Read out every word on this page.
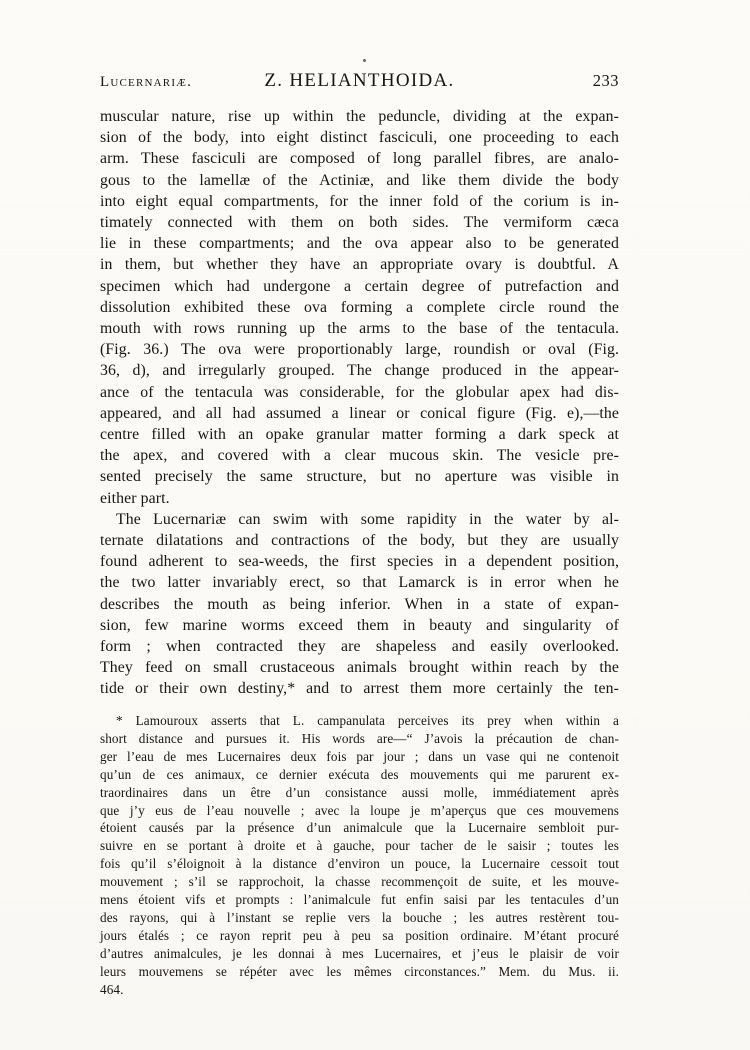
Lucernariæ.	Z. HELIANTHOIDA.	233
muscular nature, rise up within the peduncle, dividing at the expan-
sion of the body, into eight distinct fasciculi, one proceeding to each
arm. These fasciculi are composed of long parallel fibres, are analo-
gous to the lamellæ of the Actiniæ, and like them divide the body
into eight equal compartments, for the inner fold of the corium is in-
timately connected with them on both sides. The vermiform cæca
lie in these compartments; and the ova appear also to be generated
in them, but whether they have an appropriate ovary is doubtful. A
specimen which had undergone a certain degree of putrefaction and
dissolution exhibited these ova forming a complete circle round the
mouth with rows running up the arms to the base of the tentacula.
(Fig. 36.) The ova were proportionably large, roundish or oval (Fig.
36, d), and irregularly grouped. The change produced in the appear-
ance of the tentacula was considerable, for the globular apex had dis-
appeared, and all had assumed a linear or conical figure (Fig. e),—the
centre filled with an opake granular matter forming a dark speck at
the apex, and covered with a clear mucous skin. The vesicle pre-
sented precisely the same structure, but no aperture was visible in
either part.
The Lucernariæ can swim with some rapidity in the water by al-
ternate dilatations and contractions of the body, but they are usually
found adherent to sea-weeds, the first species in a dependent position,
the two latter invariably erect, so that Lamarck is in error when he
describes the mouth as being inferior. When in a state of expan-
sion, few marine worms exceed them in beauty and singularity of
form ; when contracted they are shapeless and easily overlooked.
They feed on small crustaceous animals brought within reach by the
tide or their own destiny,* and to arrest them more certainly the ten-
* Lamouroux asserts that L. campanulata perceives its prey when within a
short distance and pursues it. His words are—“ J’avois la précaution de chan-
ger l’eau de mes Lucernaires deux fois par jour ; dans un vase qui ne contenoit
qu’un de ces animaux, ce dernier exécuta des mouvements qui me parurent ex-
traordinaires dans un être d’un consistance aussi molle, immédiatement après
que j’y eus de l’eau nouvelle ; avec la loupe je m’aperçus que ces mouvemens
étoient causés par la présence d’un animalcule que la Lucernaire sembloit pur-
suivre en se portant à droite et à gauche, pour tacher de le saisir ; toutes les
fois qu’il s’éloignoit à la distance d’environ un pouce, la Lucernaire cessoit tout
mouvement ; s’il se rapprochoit, la chasse recommençoit de suite, et les mouve-
mens étoient vifs et prompts : l’animalcule fut enfin saisi par les tentacules d’un
des rayons, qui à l’instant se replie vers la bouche ; les autres restèrent tou-
jours étalés ; ce rayon reprit peu à peu sa position ordinaire. M’étant procuré
d’autres animalcules, je les donnai à mes Lucernaires, et j’eus le plaisir de voir
leurs mouvemens se répéter avec les mêmes circonstances.” Mem. du Mus. ii.
464.
